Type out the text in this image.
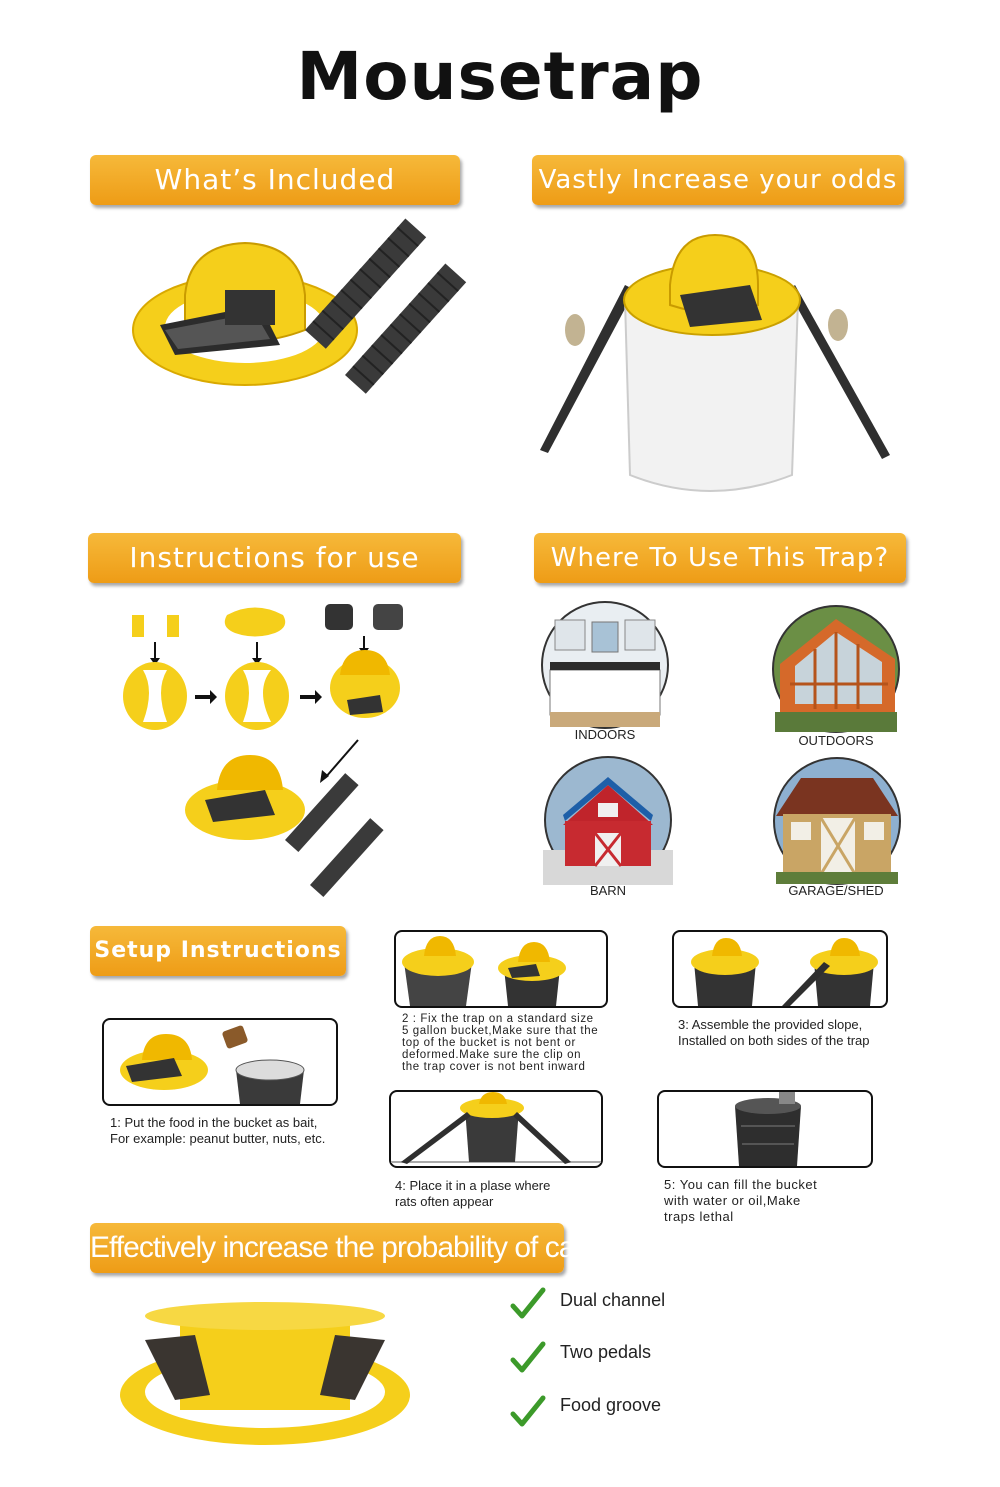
Mousetrap
What’s Included	Vastly Increase your odds
Instructions for use	Where To Use This Trap?
Setup Instructions
Effectively increase the probability of capture
INDOORS	OUTDOORS
BARN	GARAGE/SHED
1: Put the food in the bucket as bait,
For example: peanut butter, nuts, etc.
2 : Fix the trap on a standard size
5 gallon bucket,Make sure that the
top of the bucket is not bent or
deformed.Make sure the clip on
the trap cover is not bent inward
3: Assemble the provided slope,
Installed on both sides of the trap
4: Place it in a plase where
rats often appear
5: You can fill the bucket
with water or oil,Make
traps lethal
Dual channel
Two pedals
Food groove
